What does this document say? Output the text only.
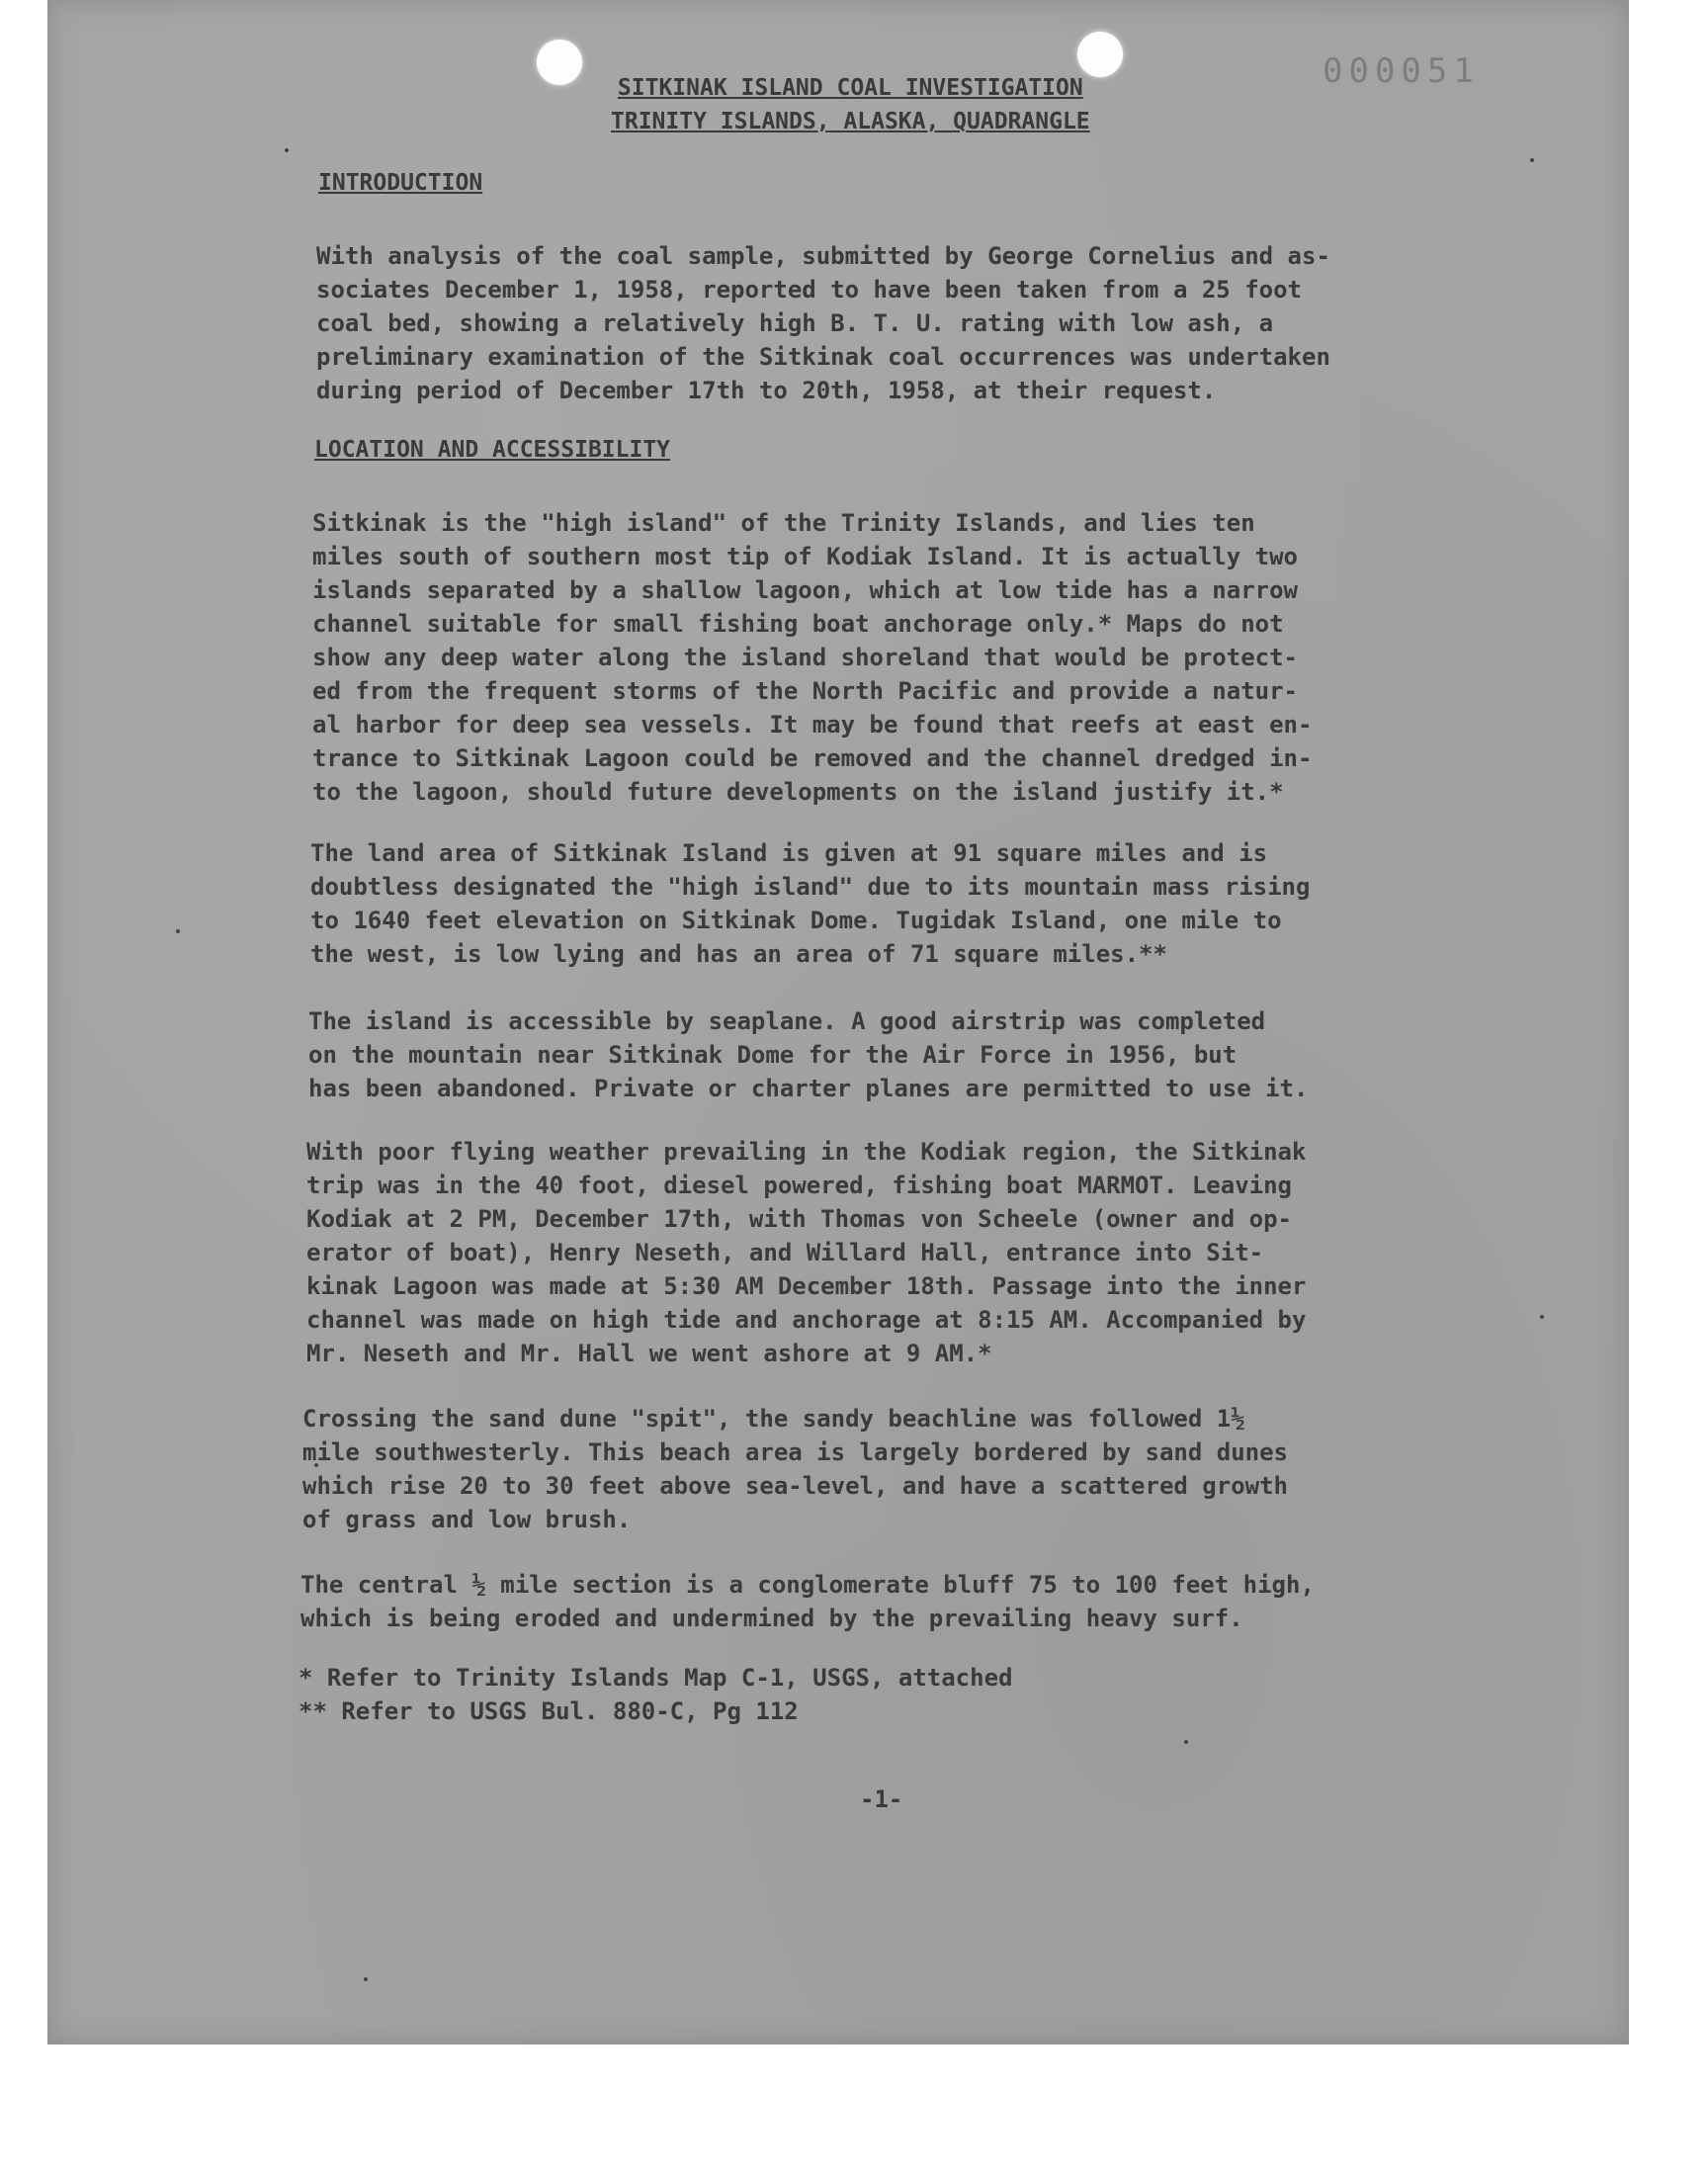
000051
SITKINAK ISLAND COAL INVESTIGATION
TRINITY ISLANDS, ALASKA, QUADRANGLE
INTRODUCTION
With analysis of the coal sample, submitted by George Cornelius and as-
sociates December 1, 1958, reported to have been taken from a 25 foot
coal bed, showing a relatively high B. T. U. rating with low ash, a
preliminary examination of the Sitkinak coal occurrences was undertaken
during period of December 17th to 20th, 1958, at their request.
LOCATION AND ACCESSIBILITY
Sitkinak is the "high island" of the Trinity Islands, and lies ten
miles south of southern most tip of Kodiak Island. It is actually two
islands separated by a shallow lagoon, which at low tide has a narrow
channel suitable for small fishing boat anchorage only.* Maps do not
show any deep water along the island shoreland that would be protect-
ed from the frequent storms of the North Pacific and provide a natur-
al harbor for deep sea vessels. It may be found that reefs at east en-
trance to Sitkinak Lagoon could be removed and the channel dredged in-
to the lagoon, should future developments on the island justify it.*
The land area of Sitkinak Island is given at 91 square miles and is
doubtless designated the "high island" due to its mountain mass rising
to 1640 feet elevation on Sitkinak Dome. Tugidak Island, one mile to
the west, is low lying and has an area of 71 square miles.**
The island is accessible by seaplane. A good airstrip was completed
on the mountain near Sitkinak Dome for the Air Force in 1956, but
has been abandoned. Private or charter planes are permitted to use it.
With poor flying weather prevailing in the Kodiak region, the Sitkinak
trip was in the 40 foot, diesel powered, fishing boat MARMOT. Leaving
Kodiak at 2 PM, December 17th, with Thomas von Scheele (owner and op-
erator of boat), Henry Neseth, and Willard Hall, entrance into Sit-
kinak Lagoon was made at 5:30 AM December 18th. Passage into the inner
channel was made on high tide and anchorage at 8:15 AM. Accompanied by
Mr. Neseth and Mr. Hall we went ashore at 9 AM.*
Crossing the sand dune "spit", the sandy beachline was followed 1½
mile southwesterly. This beach area is largely bordered by sand dunes
which rise 20 to 30 feet above sea-level, and have a scattered growth
of grass and low brush.
The central ½ mile section is a conglomerate bluff 75 to 100 feet high,
which is being eroded and undermined by the prevailing heavy surf.
* Refer to Trinity Islands Map C-1, USGS, attached
** Refer to USGS Bul. 880-C, Pg 112
-1-
